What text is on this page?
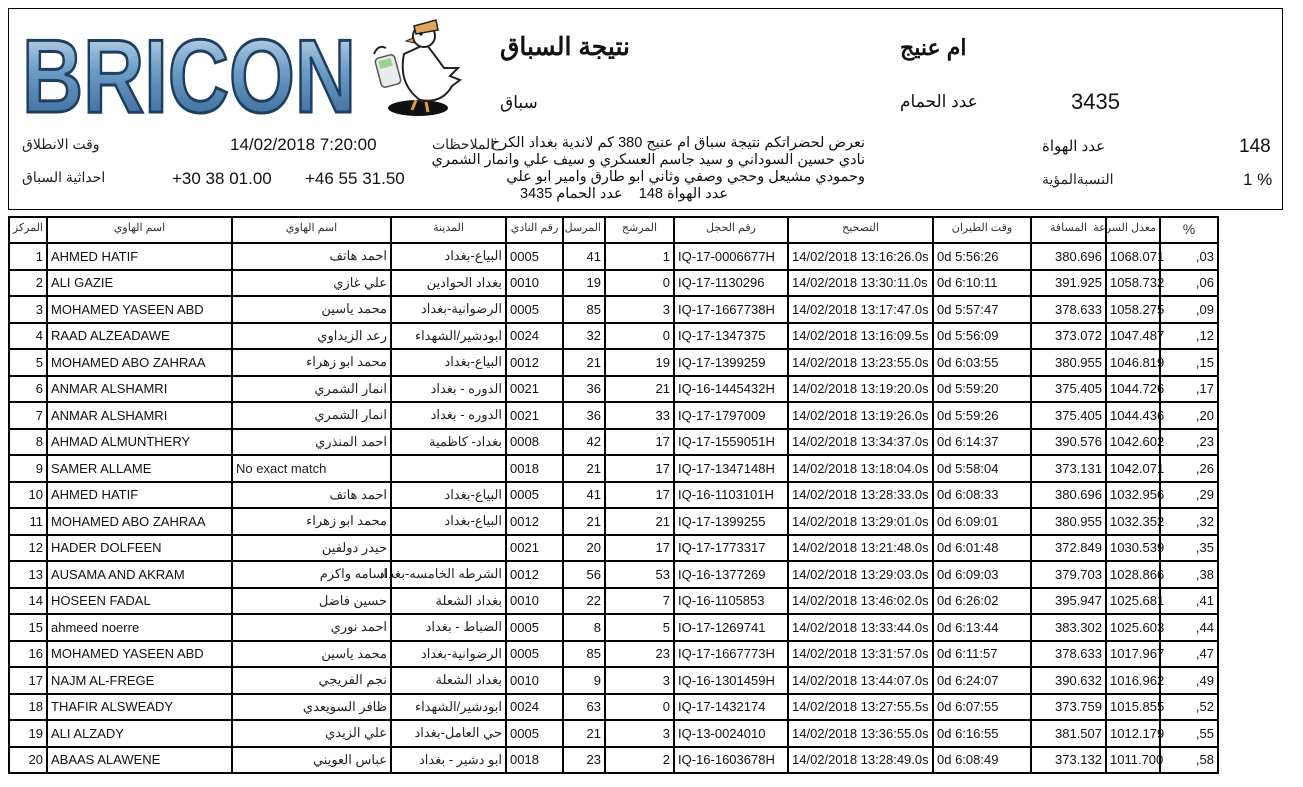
BRICON	نتيجة السباق
سباق
ام عنيج
عدد الحمام	3435
وقت الانطلاق	14/02/2018 7:20:00	الملاحظات
احداثية السباق	+30 38 01.00 +46 55 31.50
نعرض لحضراتكم نتيجة سباق ام عنيج 380 كم لاندية بغداد الكرخ
نادي حسين السوداني و سيد جاسم العسكري و سيف علي وانمار الشمري
وحمودي مشيعل وحجي وصفي وثاني ابو طارق وامير ابو علي
عدد الهواة 148    عدد الحمام 3435
عدد الهواة	148
النسبةالمؤية	1 %
المركز	اسم الهاوي	اسم الهاوي	المدينة	رقم النادي	المرسل	المرشح	رقم الحجل	التصحيح	وقت الطيران	المسافة	معدل السرعة	%
1	AHMED HATIF	احمد هاتف	البياع-بغداد	0005	41	1	IQ-17-0006677H	14/02/2018 13:16:26.0s	0d 5:56:26	380.696	1068.071	,03
2	ALI GAZIE	علي غازي	بغداد الحوادين	0010	19	0	IQ-17-1130296	14/02/2018 13:30:11.0s	0d 6:10:11	391.925	1058.732	,06
3	MOHAMED YASEEN ABD	محمد ياسين	الرضوانية-بغداد	0005	85	3	IQ-17-1667738H	14/02/2018 13:17:47.0s	0d 5:57:47	378.633	1058.275	,09
4	RAAD ALZEADAWE	رعد الزيداوي	ابودشير/الشهداء	0024	32	0	IQ-17-1347375	14/02/2018 13:16:09.5s	0d 5:56:09	373.072	1047.487	,12
5	MOHAMED ABO ZAHRAA	محمد ابو زهراء	البياع-بغداد	0012	21	19	IQ-17-1399259	14/02/2018 13:23:55.0s	0d 6:03:55	380.955	1046.819	,15
6	ANMAR ALSHAMRI	انمار الشمري	الدوره - بغداد	0021	36	21	IQ-16-1445432H	14/02/2018 13:19:20.0s	0d 5:59:20	375.405	1044.726	,17
7	ANMAR ALSHAMRI	انمار الشمري	الدوره - بغداد	0021	36	33	IQ-17-1797009	14/02/2018 13:19:26.0s	0d 5:59:26	375.405	1044.436	,20
8	AHMAD ALMUNTHERY	احمد المنذري	بغداد- كاظمية	0008	42	17	IQ-17-1559051H	14/02/2018 13:34:37.0s	0d 6:14:37	390.576	1042.602	,23
9	SAMER ALLAME	No exact match		0018	21	17	IQ-17-1347148H	14/02/2018 13:18:04.0s	0d 5:58:04	373.131	1042.071	,26
10	AHMED HATIF	احمد هاتف	البياع-بغداد	0005	41	17	IQ-16-1103101H	14/02/2018 13:28:33.0s	0d 6:08:33	380.696	1032.956	,29
11	MOHAMED ABO ZAHRAA	محمد ابو زهراء	البياع-بغداد	0012	21	21	IQ-17-1399255	14/02/2018 13:29:01.0s	0d 6:09:01	380.955	1032.352	,32
12	HADER DOLFEEN	حيدر دولفين		0021	20	17	IQ-17-1773317	14/02/2018 13:21:48.0s	0d 6:01:48	372.849	1030.539	,35
13	AUSAMA AND AKRAM	اسامه واكرم	الشرطه الخامسه-بغداد	0012	56	53	IQ-16-1377269	14/02/2018 13:29:03.0s	0d 6:09:03	379.703	1028.866	,38
14	HOSEEN FADAL	حسين فاضل	بغداد الشعلة	0010	22	7	IQ-16-1105853	14/02/2018 13:46:02.0s	0d 6:26:02	395.947	1025.681	,41
15	ahmeed noerre	احمد نوري	الضباط - بغداد	0005	8	5	IO-17-1269741	14/02/2018 13:33:44.0s	0d 6:13:44	383.302	1025.603	,44
16	MOHAMED YASEEN ABD	محمد ياسين	الرضوانية-بغداد	0005	85	23	IQ-17-1667773H	14/02/2018 13:31:57.0s	0d 6:11:57	378.633	1017.967	,47
17	NAJM AL-FREGE	نجم الفريجي	بغداد الشعلة	0010	9	3	IQ-16-1301459H	14/02/2018 13:44:07.0s	0d 6:24:07	390.632	1016.962	,49
18	THAFIR ALSWEADY	ظافر السويعدي	ابودشير/الشهداء	0024	63	0	IQ-17-1432174	14/02/2018 13:27:55.5s	0d 6:07:55	373.759	1015.855	,52
19	ALI ALZADY	علي الزيدي	حي العامل-بغداد	0005	21	3	IQ-13-0024010	14/02/2018 13:36:55.0s	0d 6:16:55	381.507	1012.179	,55
20	ABAAS ALAWENE	عباس العويني	ابو دشير - بغداد	0018	23	2	IQ-16-1603678H	14/02/2018 13:28:49.0s	0d 6:08:49	373.132	1011.700	,58
